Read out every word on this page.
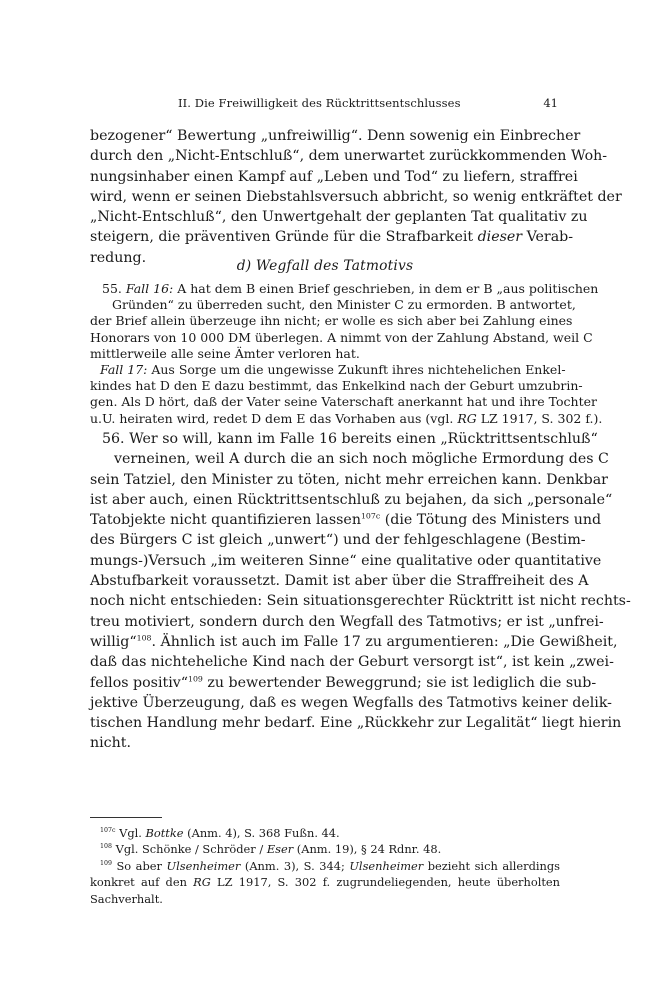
II. Die Freiwilligkeit des Rücktrittsentschlusses	41
bezogener“ Bewertung „unfreiwillig“. Denn sowenig ein Einbrecher
durch den „Nicht-Entschluß“, dem unerwartet zurückkommenden Woh-
nungsinhaber einen Kampf auf „Leben und Tod“ zu liefern, straffrei
wird, wenn er seinen Diebstahlsversuch abbricht, so wenig entkräftet der
„Nicht-Entschluß“, den Unwertgehalt der geplanten Tat qualitativ zu
steigern, die präventiven Gründe für die Strafbarkeit dieser Verab-
redung.
d) Wegfall des Tatmotivs
55. Fall 16: A hat dem B einen Brief geschrieben, in dem er B „aus politischen
Gründen“ zu überreden sucht, den Minister C zu ermorden. B antwortet,
der Brief allein überzeuge ihn nicht; er wolle es sich aber bei Zahlung eines
Honorars von 10 000 DM überlegen. A nimmt von der Zahlung Abstand, weil C
mittlerweile alle seine Ämter verloren hat.
Fall 17: Aus Sorge um die ungewisse Zukunft ihres nichtehelichen Enkel-
kindes hat D den E dazu bestimmt, das Enkelkind nach der Geburt umzubrin-
gen. Als D hört, daß der Vater seine Vaterschaft anerkannt hat und ihre Tochter
u.U. heiraten wird, redet D dem E das Vorhaben aus (vgl. RG LZ 1917, S. 302 f.).
56. Wer so will, kann im Falle 16 bereits einen „Rücktrittsentschluß“
verneinen, weil A durch die an sich noch mögliche Ermordung des C
sein Tatziel, den Minister zu töten, nicht mehr erreichen kann. Denkbar
ist aber auch, einen Rücktrittsentschluß zu bejahen, da sich „personale“
Tatobjekte nicht quantifizieren lassen$^{107c}$ (die Tötung des Ministers und
des Bürgers C ist gleich „unwert“) und der fehlgeschlagene (Bestim-
mungs-)Versuch „im weiteren Sinne“ eine qualitative oder quantitative
Abstufbarkeit voraussetzt. Damit ist aber über die Straffreiheit des A
noch nicht entschieden: Sein situationsgerechter Rücktritt ist nicht rechts-
treu motiviert, sondern durch den Wegfall des Tatmotivs; er ist „unfrei-
willig“$^{108}$. Ähnlich ist auch im Falle 17 zu argumentieren: „Die Gewißheit,
daß das nichteheliche Kind nach der Geburt versorgt ist“, ist kein „zwei-
fellos positiv“$^{109}$ zu bewertender Beweggrund; sie ist lediglich die sub-
jektive Überzeugung, daß es wegen Wegfalls des Tatmotivs keiner delik-
tischen Handlung mehr bedarf. Eine „Rückkehr zur Legalität“ liegt hierin
nicht.
$^{107c}$ Vgl. Bottke (Anm. 4), S. 368 Fußn. 44.
$^{108}$ Vgl. Schönke / Schröder / Eser (Anm. 19), § 24 Rdnr. 48.
$^{109}$ So aber Ulsenheimer (Anm. 3), S. 344; Ulsenheimer bezieht sich allerdings
konkret auf den RG LZ 1917, S. 302 f. zugrundeliegenden, heute überholten
Sachverhalt.
